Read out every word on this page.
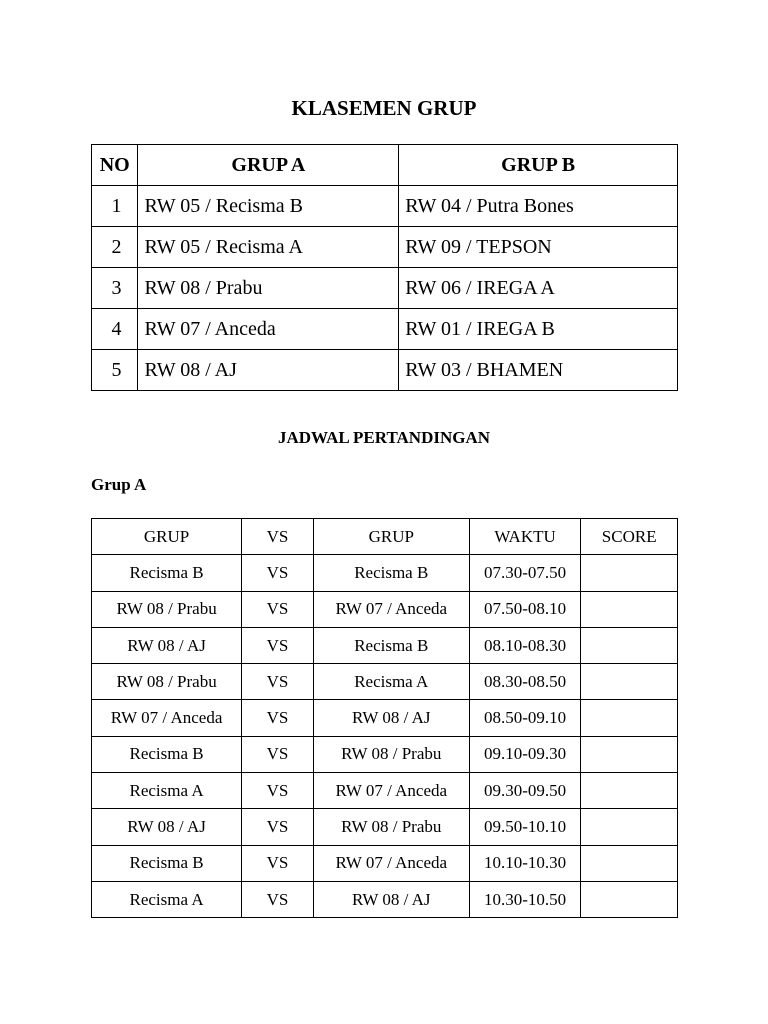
KLASEMEN GRUP
NO	GRUP A	GRUP B
1	RW 05 / Recisma B	RW 04 / Putra Bones
2	RW 05 / Recisma A	RW 09 / TEPSON
3	RW 08 / Prabu	RW 06 / IREGA A
4	RW 07 / Anceda	RW 01 / IREGA B
5	RW 08 / AJ	RW 03 / BHAMEN
JADWAL PERTANDINGAN

Grup A

GRUP	VS	GRUP	WAKTU	SCORE
Recisma B	VS	Recisma B	07.30-07.50	
RW 08 / Prabu	VS	RW 07 / Anceda	07.50-08.10	
RW 08 / AJ	VS	Recisma B	08.10-08.30	
RW 08 / Prabu	VS	Recisma A	08.30-08.50	
RW 07 / Anceda	VS	RW 08 / AJ	08.50-09.10	
Recisma B	VS	RW 08 / Prabu	09.10-09.30	
Recisma A	VS	RW 07 / Anceda	09.30-09.50	
RW 08 / AJ	VS	RW 08 / Prabu	09.50-10.10	
Recisma B	VS	RW 07 / Anceda	10.10-10.30	
Recisma A	VS	RW 08 / AJ	10.30-10.50	
